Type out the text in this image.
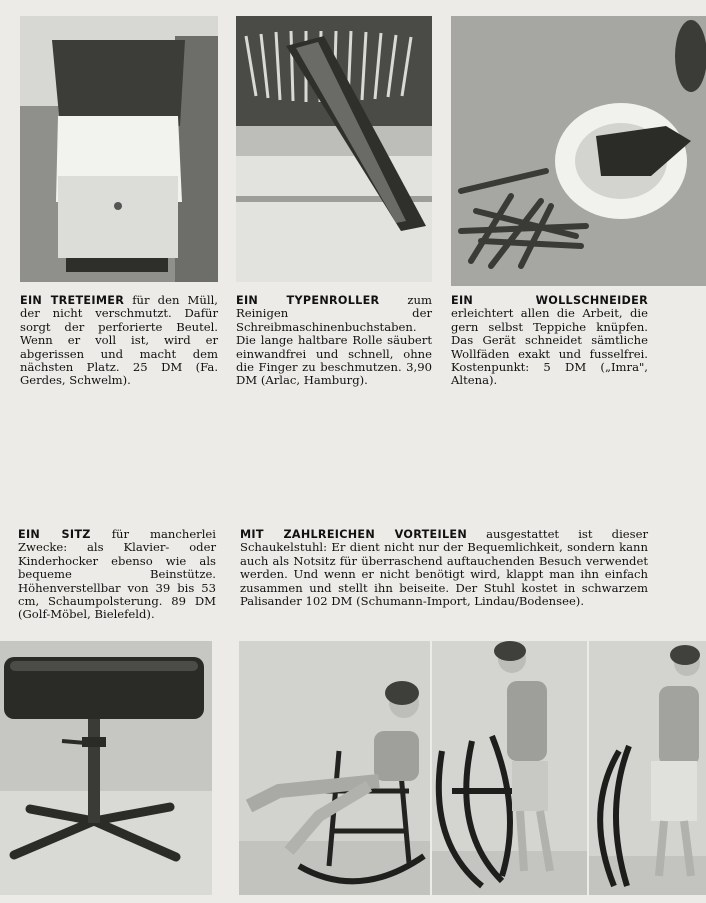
EIN TRETEIMER für den Müll, der nicht verschmutzt. Dafür sorgt der perforierte Beutel. Wenn er voll ist, wird er abgerissen und macht dem nächsten Platz. 25 DM (Fa. Gerdes, Schwelm).
EIN TYPENROLLER zum Reinigen der Schreibmaschinenbuchstaben. Die lange haltbare Rolle säubert einwandfrei und schnell, ohne die Finger zu beschmutzen. 3,90 DM (Arlac, Hamburg).
EIN WOLLSCHNEIDER erleichtert allen die Arbeit, die gern selbst Teppiche knüpfen. Das Gerät schneidet sämtliche Wollfäden exakt und fusselfrei. Kostenpunkt: 5 DM („Imra", Altena).
EIN SITZ für mancherlei Zwecke: als Klavier- oder Kinderhocker ebenso wie als bequeme Beinstütze. Höhenverstellbar von 39 bis 53 cm, Schaumpolsterung. 89 DM (Golf-Möbel, Bielefeld).
MIT ZAHLREICHEN VORTEILEN ausgestattet ist dieser Schaukelstuhl: Er dient nicht nur der Bequemlichkeit, sondern kann auch als Notsitz für überraschend auftauchenden Besuch verwendet werden. Und wenn er nicht benötigt wird, klappt man ihn einfach zusammen und stellt ihn beiseite. Der Stuhl kostet in schwarzem Palisander 102 DM (Schumann-Import, Lindau/Bodensee).
